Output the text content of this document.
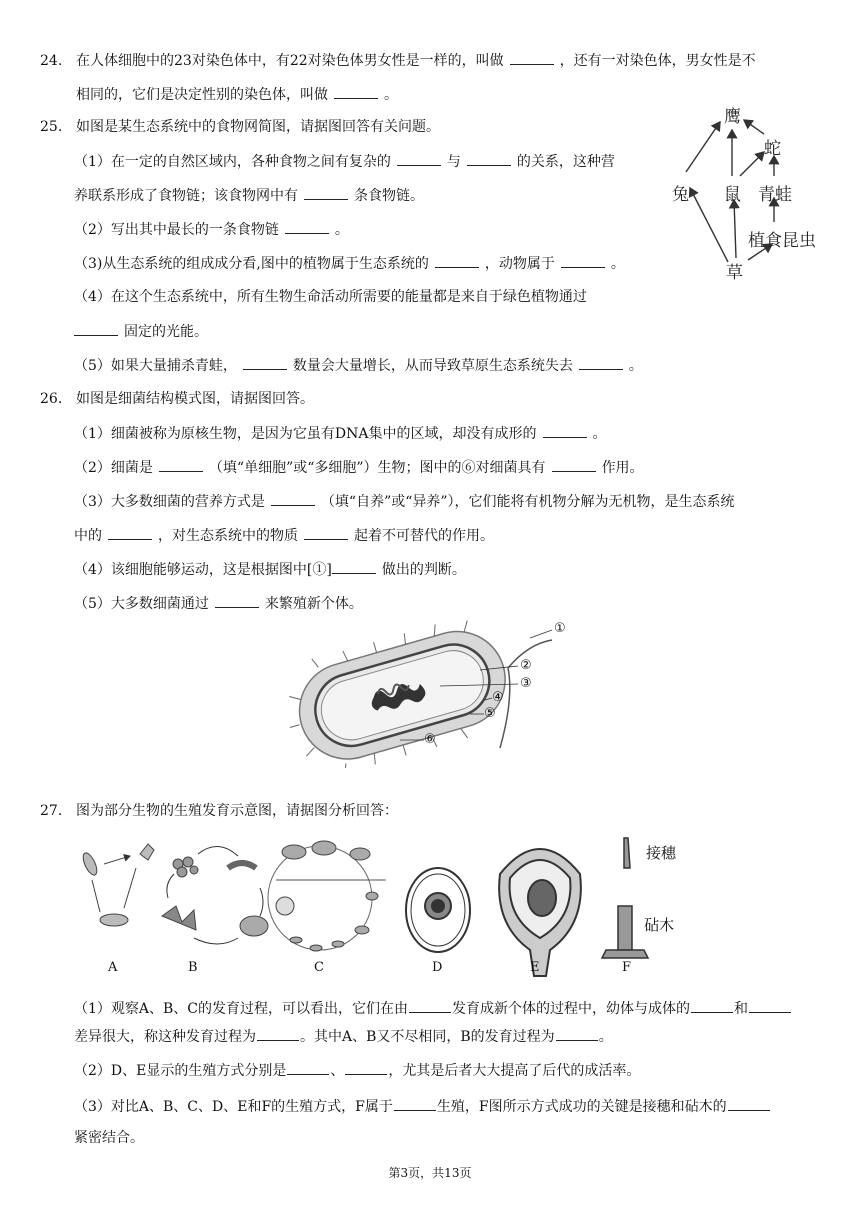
24. 在人体细胞中的23对染色体中，有22对染色体男女性是一样的，叫做	，还有一对染色体，男女性是不
相同的，它们是决定性别的染色体，叫做	。
25. 如图是某生态系统中的食物网简图，请据图回答有关问题。
（1）在一定的自然区域内，各种食物之间有复杂的	与	的关系，这种营
养联系形成了食物链；该食物网中有	条食物链。
（2）写出其中最长的一条食物链	。
（3)从生态系统的组成成分看,图中的植物属于生态系统的	，动物属于	。
（4）在这个生态系统中，所有生物生命活动所需要的能量都是来自于绿色植物通过
固定的光能。
（5）如果大量捕杀青蛙，	数量会大量增长，从而导致草原生态系统失去	。
鹰
蛇
兔 鼠 青蛙
植食昆虫
草
26. 如图是细菌结构模式图，请据图回答。
（1）细菌被称为原核生物，是因为它虽有DNA集中的区域，却没有成形的	。
（2）细菌是	（填“单细胞”或“多细胞”）生物；图中的⑥对细菌具有	作用。
（3）大多数细菌的营养方式是	（填“自养”或“异养”），它们能将有机物分解为无机物，是生态系统
中的	，对生态系统中的物质	起着不可替代的作用。
（4）该细胞能够运动，这是根据图中[①]	做出的判断。
（5）大多数细菌通过	来繁殖新个体。
①
②
③
④
⑤
⑥
27. 图为部分生物的生殖发育示意图，请据图分析回答：
接穗
砧木
A	B	C	D	E	F
（1）观察A、B、C的发育过程，可以看出，它们在由	发育成新个体的过程中，幼体与成体的	和
差异很大，称这种发育过程为	。其中A、B又不尽相同，B的发育过程为	。
（2）D、E显示的生殖方式分别是	、	，尤其是后者大大提高了后代的成活率。
（3）对比A、B、C、D、E和F的生殖方式，F属于	生殖，F图所示方式成功的关键是接穗和砧木的
紧密结合。
第3页，共13页
